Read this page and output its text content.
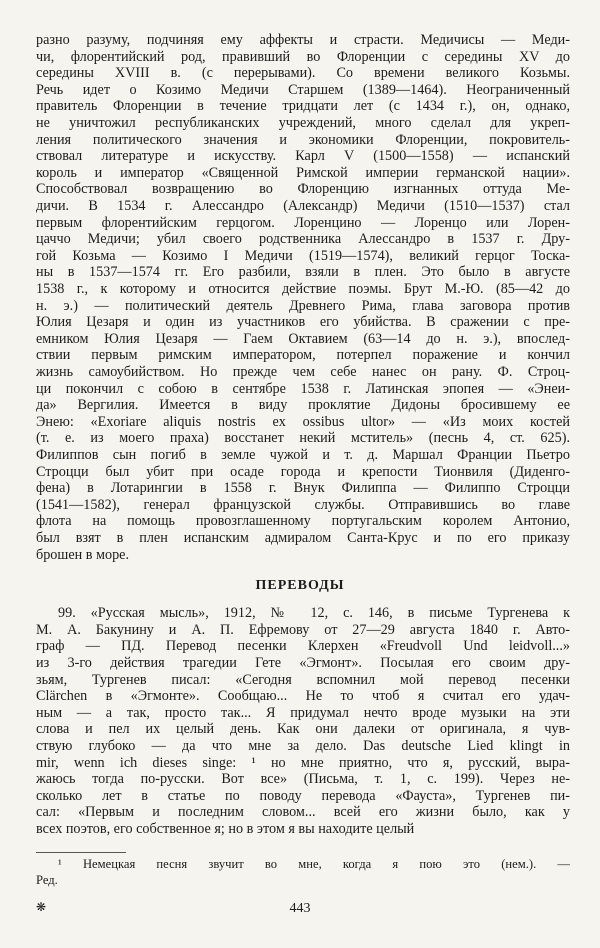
ПЕРЕВОДЫ
99. «Русская мысль», 1912, № 12, с. 146, в письме Тургенева к
М. А. Бакунину и А. П. Ефремову от 27—29 августа 1840 г. Авто-
граф — ПД. Перевод песенки Клерхен «Freudvoll Und leidvoll...»
из 3-го действия трагедии Гете «Эгмонт». Посылая его своим дру-
зьям, Тургенев писал: «Сегодня вспомнил мой перевод песенки
Clärchen в «Эгмонте». Сообщаю... Не то чтоб я считал его удач-
ным — а так, просто так... Я придумал нечто вроде музыки на эти
слова и пел их целый день. Как они далеки от оригинала, я чув-
ствую глубоко — да что мне за дело. Das deutsche Lied klingt in
mir, wenn ich dieses singe: ¹ но мне приятно, что я, русский, выра-
жаюсь тогда по-русски. Вот все» (Письма, т. 1, с. 199). Через не-
сколько лет в статье по поводу перевода «Фауста», Тургенев пи-
сал: «Первым и последним словом... всей его жизни было, как у
всех поэтов, его собственное я; но в этом я вы находите целый
¹ Немецкая песня звучит во мне, когда я пою это (нем.). —
Ред.
❋	443
разно разуму, подчиняя ему аффекты и страсти. Медичисы — Меди-
чи, флорентийский род, правивший во Флоренции с середины XV до
середины XVIII в. (с перерывами). Со времени великого Козьмы.
Речь идет о Козимо Медичи Старшем (1389—1464). Неограниченный
правитель Флоренции в течение тридцати лет (с 1434 г.), он, однако,
не уничтожил республиканских учреждений, много сделал для укреп-
ления политического значения и экономики Флоренции, покровитель-
ствовал литературе и искусству. Карл V (1500—1558) — испанский
король и император «Священной Римской империи германской нации».
Способствовал возвращению во Флоренцию изгнанных оттуда Ме-
дичи. В 1534 г. Алессандро (Александр) Медичи (1510—1537) стал
первым флорентийским герцогом. Лоренцино — Лоренцо или Лорен-
цаччо Медичи; убил своего родственника Алессандро в 1537 г. Дру-
гой Козьма — Козимо I Медичи (1519—1574), великий герцог Тоска-
ны в 1537—1574 гг. Его разбили, взяли в плен. Это было в августе
1538 г., к которому и относится действие поэмы. Брут М.-Ю. (85—42 до
н. э.) — политический деятель Древнего Рима, глава заговора против
Юлия Цезаря и один из участников его убийства. В сражении с пре-
емником Юлия Цезаря — Гаем Октавием (63—14 до н. э.), впослед-
ствии первым римским императором, потерпел поражение и кончил
жизнь самоубийством. Но прежде чем себе нанес он рану. Ф. Строц-
ци покончил с собою в сентябре 1538 г. Латинская эпопея — «Энеи-
да» Вергилия. Имеется в виду проклятие Дидоны бросившему ее
Энею: «Exoriare aliquis nostris ex ossibus ultor» — «Из моих костей
(т. е. из моего праха) восстанет некий мститель» (песнь 4, ст. 625).
Филиппов сын погиб в земле чужой и т. д. Маршал Франции Пьетро
Строцци был убит при осаде города и крепости Тионвиля (Диденго-
фена) в Лотарингии в 1558 г. Внук Филиппа — Филиппо Строцци
(1541—1582), генерал французской службы. Отправившись во главе
флота на помощь провозглашенному португальским королем Антонио,
был взят в плен испанским адмиралом Санта-Крус и по его приказу
брошен в море.
